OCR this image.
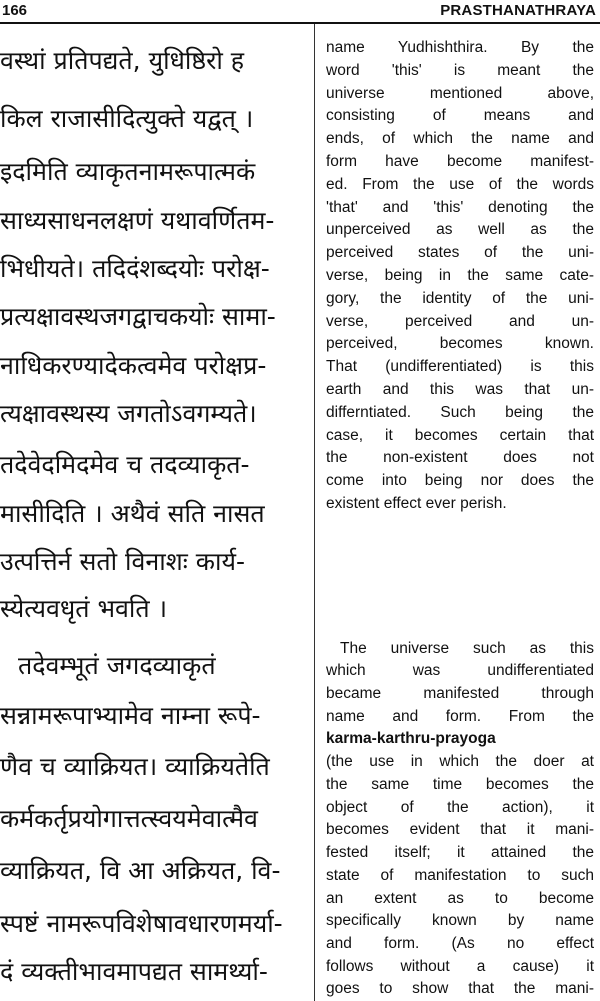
166	PRASTHANATHRAYA
वस्थां प्रतिपद्यते, युधिष्ठिरो ह
किल राजासीदित्युक्ते यद्वत् ।
इदमिति व्याकृतनामरूपात्मकं
साध्यसाधनलक्षणं यथावर्णितम-
भिधीयते। तदिदंशब्दयोः परोक्ष-
प्रत्यक्षावस्थजगद्वाचकयोः सामा-
नाधिकरण्यादेकत्वमेव परोक्षप्र-
त्यक्षावस्थस्य जगतोऽवगम्यते।
तदेवेदमिदमेव च तदव्याकृत-
मासीदिति । अथैवं सति नासत
उत्पत्तिर्न सतो विनाशः कार्य-
स्येत्यवधृतं भवति ।
तदेवम्भूतं जगदव्याकृतं
सन्नामरूपाभ्यामेव नाम्ना रूपे-
णैव च व्याक्रियत। व्याक्रियतेति
कर्मकर्तृप्रयोगात्तत्स्वयमेवात्मैव
व्याक्रियत, वि आ अक्रियत, वि-
स्पष्टं नामरूपविशेषावधारणमर्या-
दं व्यक्तीभावमापद्यत सामर्थ्या-
name Yudhishthira. By the
word 'this' is meant the
universe mentioned above,
consisting of means and
ends, of which the name and
form have become manifest-
ed. From the use of the words
'that' and 'this' denoting the
unperceived as well as the
perceived states of the uni-
verse, being in the same cate-
gory, the identity of the uni-
verse, perceived and un-
perceived, becomes known.
That (undifferentiated) is this
earth and this was that un-
differntiated. Such being the
case, it becomes certain that
the non-existent does not
come into being nor does the
existent effect ever perish.
The universe such as this
which was undifferentiated
became manifested through
name and form. From the
karma-karthru-prayoga
(the use in which the doer at
the same time becomes the
object of the action), it
becomes evident that it mani-
fested itself; it attained the
state of manifestation to such
an extent as to become
specifically known by name
and form. (As no effect
follows without a cause) it
goes to show that the mani-
